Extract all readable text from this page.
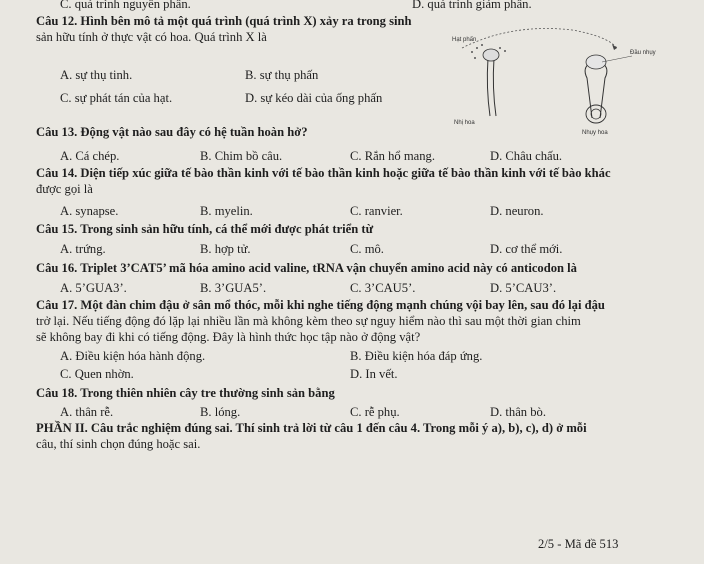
C. quá trình nguyên phân.	D. quá trình giảm phân.
Câu 12. Hình bên mô tả một quá trình (quá trình X) xảy ra trong sinh
sản hữu tính ở thực vật có hoa. Quá trình X là
A. sự thụ tinh.	B. sự thụ phấn
C. sự phát tán của hạt.	D. sự kéo dài của ống phấn
Hạt phấn
Đầu nhụy
Nhị hoa
Nhụy hoa
Câu 13. Động vật nào sau đây có hệ tuần hoàn hở?
A. Cá chép.	B. Chim bồ câu.	C. Rắn hổ mang.	D. Châu chấu.
Câu 14. Diện tiếp xúc giữa tế bào thần kinh với tế bào thần kinh hoặc giữa tế bào thần kinh với tế bào khác
được gọi là
A. synapse.	B. myelin.	C. ranvier.	D. neuron.
Câu 15. Trong sinh sản hữu tính, cá thể mới được phát triển từ
A. trứng.	B. hợp tử.	C. mô.	D. cơ thể mới.
Câu 16. Triplet 3’CAT5’ mã hóa amino acid valine, tRNA vận chuyển amino acid này có anticodon là
A. 5’GUA3’.	B. 3’GUA5’.	C. 3’CAU5’.	D. 5’CAU3’.
Câu 17. Một đàn chim đậu ở sân mổ thóc, mỗi khi nghe tiếng động mạnh chúng vội bay lên, sau đó lại đậu
trở lại. Nếu tiếng động đó lặp lại nhiều lần mà không kèm theo sự nguy hiểm nào thì sau một thời gian chim
sẽ không bay đi khi có tiếng động. Đây là hình thức học tập nào ở động vật?
A. Điều kiện hóa hành động.	B. Điều kiện hóa đáp ứng.
C. Quen nhờn.	D. In vết.
Câu 18. Trong thiên nhiên cây tre thường sinh sản bằng
A. thân rễ.	B. lóng.	C. rễ phụ.	D. thân bò.
PHẦN II. Câu trắc nghiệm đúng sai. Thí sinh trả lời từ câu 1 đến câu 4. Trong mỗi ý a), b), c), d) ở mỗi
câu, thí sinh chọn đúng hoặc sai.
2/5 - Mã đề 513
